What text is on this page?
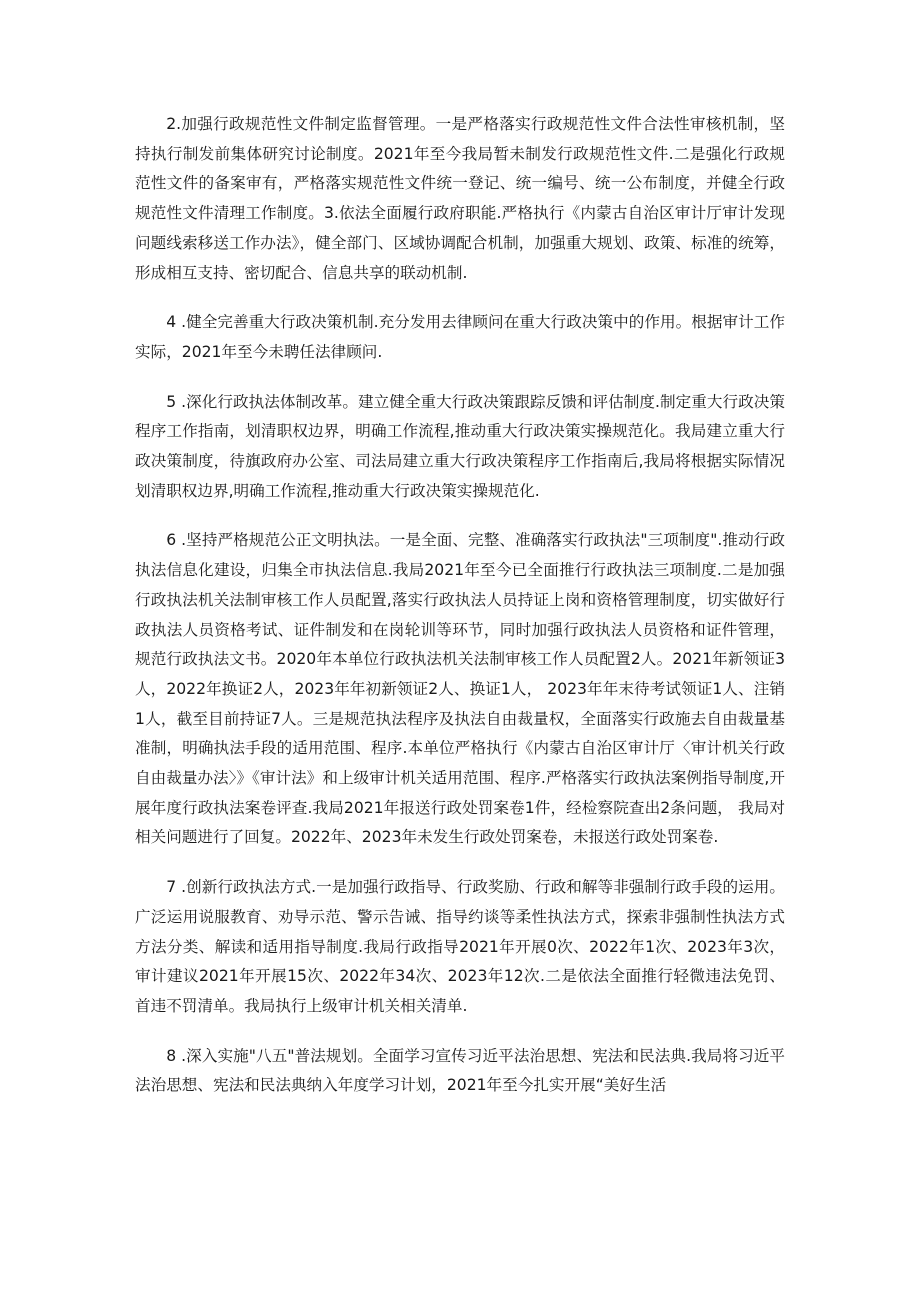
2.加强行政规范性文件制定监督管理。一是严格落实行政规范性文件合法性审核机制，坚持执行制发前集体研究讨论制度。2021年至今我局暂未制发行政规范性文件.二是强化行政规范性文件的备案审有，严格落实规范性文件统一登记、统一编号、统一公布制度，并健全行政规范性文件清理工作制度。3.依法全面履行政府职能.严格执行《内蒙古自治区审计厅审计发现问题线索移送工作办法》，健全部门、区域协调配合机制，加强重大规划、政策、标准的统筹，形成相互支持、密切配合、信息共享的联动机制.

4 .健全完善重大行政决策机制.充分发用去律顾问在重大行政决策中的作用。根据审计工作实际，2021年至今未聘任法律顾问.

5 .深化行政执法体制改革。建立健全重大行政决策跟踪反馈和评估制度.制定重大行政决策程序工作指南，划清职权边界，明确工作流程,推动重大行政决策实操规范化。我局建立重大行政决策制度，待旗政府办公室、司法局建立重大行政决策程序工作指南后,我局将根据实际情况划清职权边界,明确工作流程,推动重大行政决策实操规范化.

6 .坚持严格规范公正文明执法。一是全面、完整、准确落实行政执法"三项制度".推动行政执法信息化建设，归集全市执法信息.我局2021年至今已全面推行行政执法三项制度.二是加强行政执法机关法制审核工作人员配置,落实行政执法人员持证上岗和资格管理制度，切实做好行政执法人员资格考试、证件制发和在岗轮训等环节，同时加强行政执法人员资格和证件管理，规范行政执法文书。2020年本单位行政执法机关法制审核工作人员配置2人。2021年新领证3人，2022年换证2人，2023年年初新领证2人、换证1人， 2023年年末待考试领证1人、注销1人，截至目前持证7人。三是规范执法程序及执法自由裁量权，全面落实行政施去自由裁量基准制，明确执法手段的适用范围、程序.本单位严格执行《内蒙古自治区审计厅〈审计机关行政自由裁量办法〉》《审计法》和上级审计机关适用范围、程序.严格落实行政执法案例指导制度,开展年度行政执法案卷评查.我局2021年报送行政处罚案卷1件，经检察院查出2条问题， 我局对相关问题进行了回复。2022年、2023年未发生行政处罚案卷，未报送行政处罚案卷.

7 .创新行政执法方式.一是加强行政指导、行政奖励、行政和解等非强制行政手段的运用。广泛运用说服教育、劝导示范、警示告诫、指导约谈等柔性执法方式，探索非强制性执法方式方法分类、解读和适用指导制度.我局行政指导2021年开展0次、2022年1次、2023年3次，审计建议2021年开展15次、2022年34次、2023年12次.二是依法全面推行轻微违法免罚、首违不罚清单。我局执行上级审计机关相关清单.

8 .深入实施"八五"普法规划。全面学习宣传习近平法治思想、宪法和民法典.我局将习近平法治思想、宪法和民法典纳入年度学习计划，2021年至今扎实开展“美好生活
